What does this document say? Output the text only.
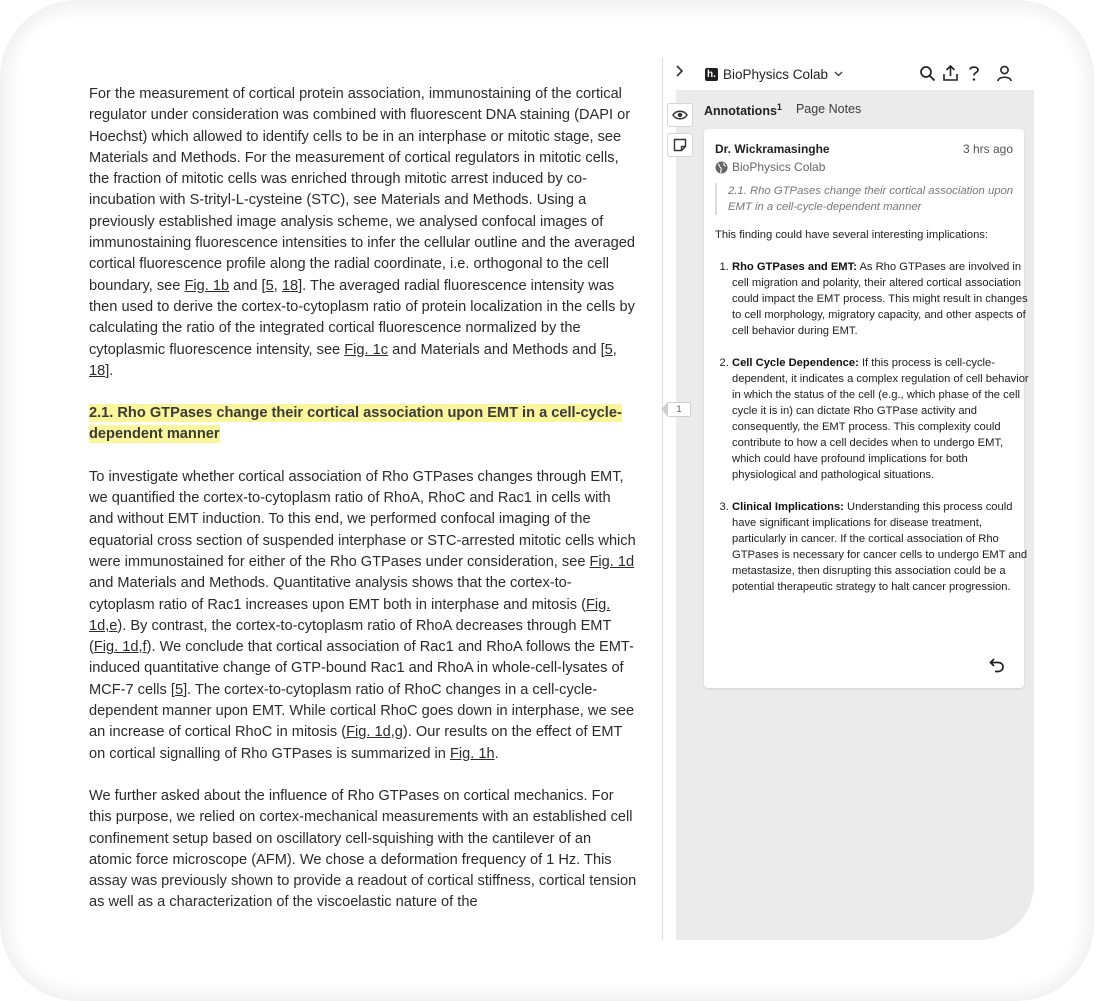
For the measurement of cortical protein association, immunostaining of the cortical regulator under consideration was combined with fluorescent DNA staining (DAPI or Hoechst) which allowed to identify cells to be in an interphase or mitotic stage, see Materials and Methods. For the measurement of cortical regulators in mitotic cells, the fraction of mitotic cells was enriched through mitotic arrest induced by co-incubation with S-trityl-L-cysteine (STC), see Materials and Methods. Using a previously established image analysis scheme, we analysed confocal images of immunostaining fluorescence intensities to infer the cellular outline and the averaged cortical fluorescence profile along the radial coordinate, i.e. orthogonal to the cell boundary, see Fig. 1b and [5, 18]. The averaged radial fluorescence intensity was then used to derive the cortex-to-cytoplasm ratio of protein localization in the cells by calculating the ratio of the integrated cortical fluorescence normalized by the cytoplasmic fluorescence intensity, see Fig. 1c and Materials and Methods and [5, 18].

2.1. Rho GTPases change their cortical association upon EMT in a cell-cycle-dependent manner

To investigate whether cortical association of Rho GTPases changes through EMT, we quantified the cortex-to-cytoplasm ratio of RhoA, RhoC and Rac1 in cells with and without EMT induction. To this end, we performed confocal imaging of the equatorial cross section of suspended interphase or STC-arrested mitotic cells which were immunostained for either of the Rho GTPases under consideration, see Fig. 1d and Materials and Methods. Quantitative analysis shows that the cortex-to-cytoplasm ratio of Rac1 increases upon EMT both in interphase and mitosis (Fig. 1d,e). By contrast, the cortex-to-cytoplasm ratio of RhoA decreases through EMT (Fig. 1d,f). We conclude that cortical association of Rac1 and RhoA follows the EMT-induced quantitative change of GTP-bound Rac1 and RhoA in whole-cell-lysates of MCF-7 cells [5]. The cortex-to-cytoplasm ratio of RhoC changes in a cell-cycle-dependent manner upon EMT. While cortical RhoC goes down in interphase, we see an increase of cortical RhoC in mitosis (Fig. 1d,g). Our results on the effect of EMT on cortical signalling of Rho GTPases is summarized in Fig. 1h.

We further asked about the influence of Rho GTPases on cortical mechanics. For this purpose, we relied on cortex-mechanical measurements with an established cell confinement setup based on oscillatory cell-squishing with the cantilever of an atomic force microscope (AFM). We chose a deformation frequency of 1 Hz. This assay was previously shown to provide a readout of cortical stiffness, cortical tension as well as a characterization of the viscoelastic nature of the

h. BioPhysics Colab
1
Annotations$^1$ Page Notes
Dr. Wickramasinghe	3 hrs ago
BioPhysics Colab
2.1. Rho GTPases change their cortical association upon EMT in a cell-cycle-dependent manner
This finding could have several interesting implications:
1. Rho GTPases and EMT: As Rho GTPases are involved in cell migration and polarity, their altered cortical association could impact the EMT process. This might result in changes to cell morphology, migratory capacity, and other aspects of cell behavior during EMT.
2. Cell Cycle Dependence: If this process is cell-cycle-dependent, it indicates a complex regulation of cell behavior in which the status of the cell (e.g., which phase of the cell cycle it is in) can dictate Rho GTPase activity and consequently, the EMT process. This complexity could contribute to how a cell decides when to undergo EMT, which could have profound implications for both physiological and pathological situations.
3. Clinical Implications: Understanding this process could have significant implications for disease treatment, particularly in cancer. If the cortical association of Rho GTPases is necessary for cancer cells to undergo EMT and metastasize, then disrupting this association could be a potential therapeutic strategy to halt cancer progression.
